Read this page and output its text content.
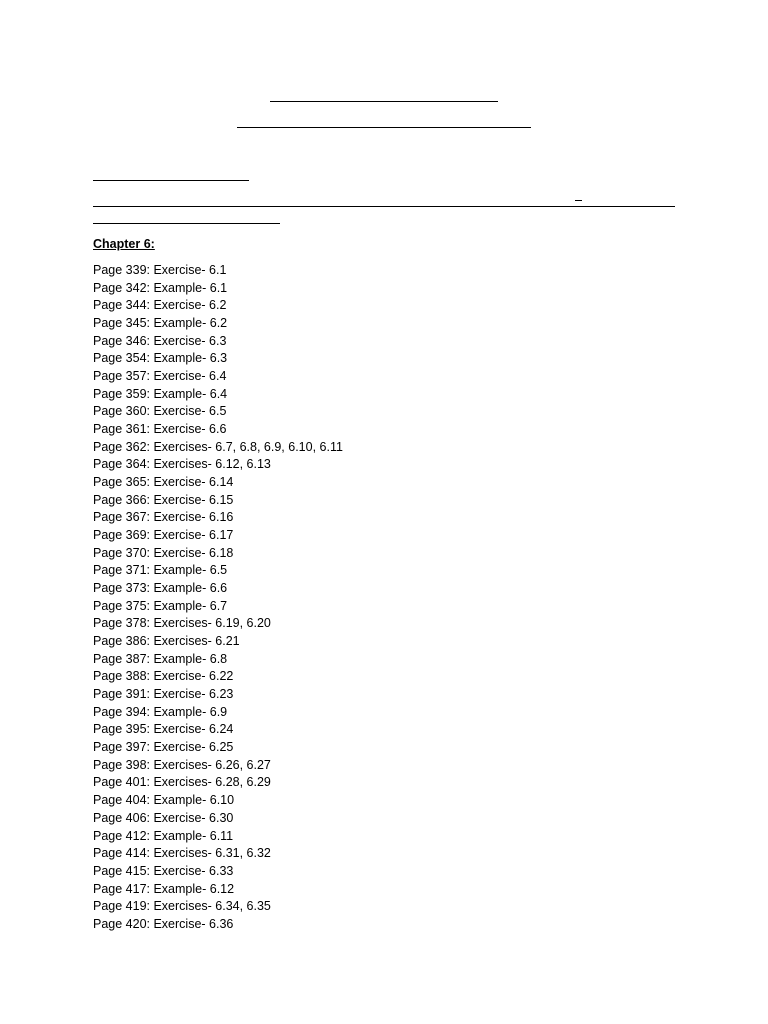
Chapter 6:
Page 339: Exercise- 6.1
Page 342: Example- 6.1
Page 344: Exercise- 6.2
Page 345: Example- 6.2
Page 346: Exercise- 6.3
Page 354: Example- 6.3
Page 357: Exercise- 6.4
Page 359: Example- 6.4
Page 360: Exercise- 6.5
Page 361: Exercise- 6.6
Page 362: Exercises- 6.7, 6.8, 6.9, 6.10, 6.11
Page 364: Exercises- 6.12, 6.13
Page 365: Exercise- 6.14
Page 366: Exercise- 6.15
Page 367: Exercise- 6.16
Page 369: Exercise- 6.17
Page 370: Exercise- 6.18
Page 371: Example- 6.5
Page 373: Example- 6.6
Page 375: Example- 6.7
Page 378: Exercises- 6.19, 6.20
Page 386: Exercises- 6.21
Page 387: Example- 6.8
Page 388: Exercise- 6.22
Page 391: Exercise- 6.23
Page 394: Example- 6.9
Page 395: Exercise- 6.24
Page 397: Exercise- 6.25
Page 398: Exercises- 6.26, 6.27
Page 401: Exercises- 6.28, 6.29
Page 404: Example- 6.10
Page 406: Exercise- 6.30
Page 412: Example- 6.11
Page 414: Exercises- 6.31, 6.32
Page 415: Exercise- 6.33
Page 417: Example- 6.12
Page 419: Exercises- 6.34, 6.35
Page 420: Exercise- 6.36
